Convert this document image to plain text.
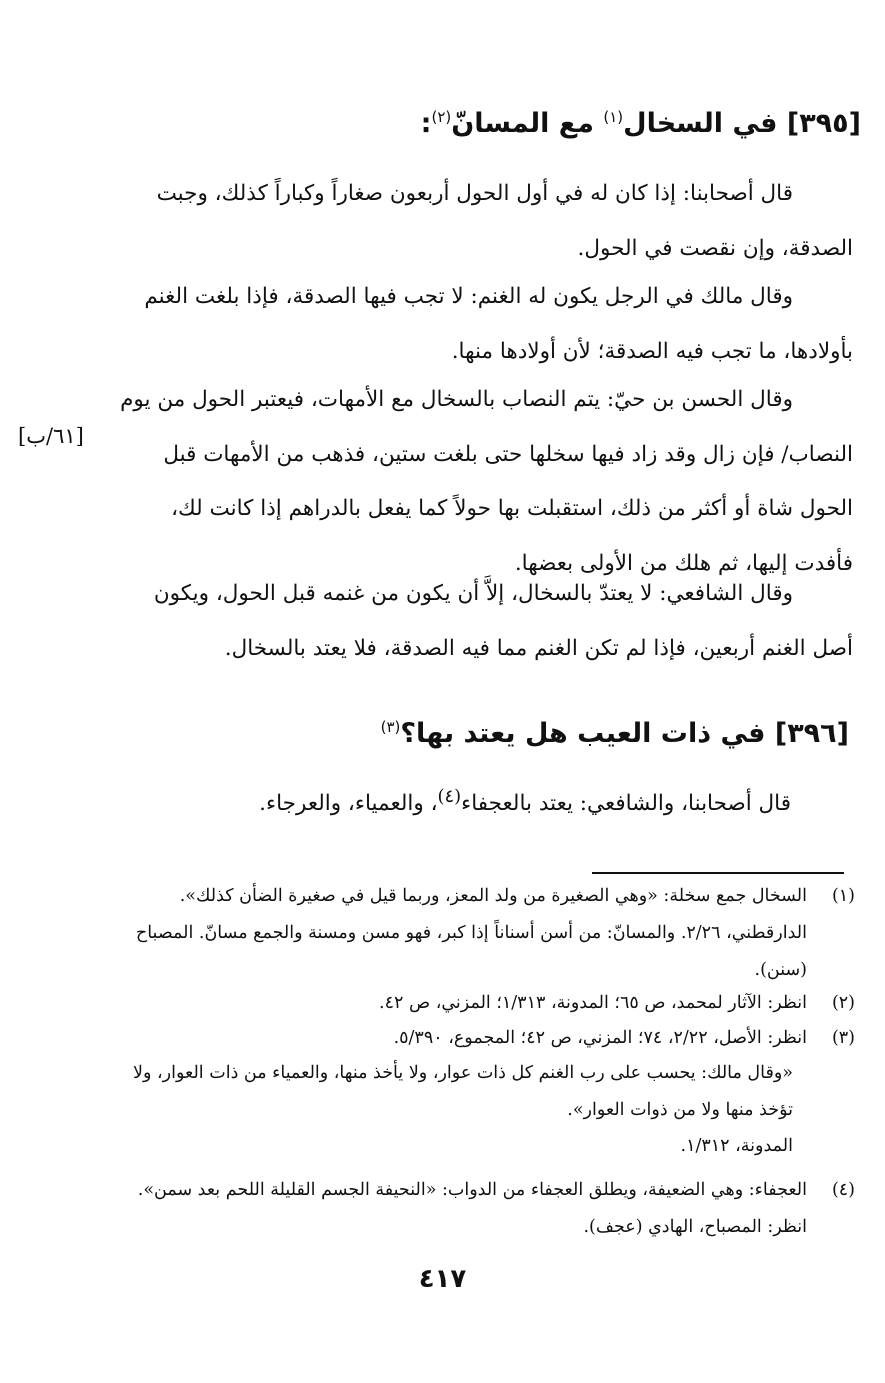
[٣٩٥] في السخال$^{(١)}$ مع المسانّ$^{(٢)}$:
قال أصحابنا: إذا كان له في أول الحول أربعون صغاراً وكباراً كذلك، وجبت الصدقة، وإن نقصت في الحول.
وقال مالك في الرجل يكون له الغنم: لا تجب فيها الصدقة، فإذا بلغت الغنم بأولادها، ما تجب فيه الصدقة؛ لأن أولادها منها.
وقال الحسن بن حيّ: يتم النصاب بالسخال مع الأمهات، فيعتبر الحول من يوم النصاب/ فإن زال وقد زاد فيها سخلها حتى بلغت ستين، فذهب من الأمهات قبل الحول شاة أو أكثر من ذلك، استقبلت بها حولاً كما يفعل بالدراهم إذا كانت لك، فأفدت إليها، ثم هلك من الأولى بعضها.
[٦١/ب]
وقال الشافعي: لا يعتدّ بالسخال، إلاَّ أن يكون من غنمه قبل الحول، ويكون أصل الغنم أربعين، فإذا لم تكن الغنم مما فيه الصدقة، فلا يعتد بالسخال.
[٣٩٦] في ذات العيب هل يعتد بها؟$^{(٣)}$
قال أصحابنا، والشافعي: يعتد بالعجفاء$^{(٤)}$، والعمياء، والعرجاء.
(١)
السخال جمع سخلة: «وهي الصغيرة من ولد المعز، وربما قيل في صغيرة الضأن كذلك». الدارقطني، ٢/٢٦. والمسانّ: من أسن أسناناً إذا كبر، فهو مسن ومسنة والجمع مسانّ. المصباح (سنن).
(٢)
انظر: الآثار لمحمد، ص ٦٥؛ المدونة، ١/٣١٣؛ المزني، ص ٤٢.
(٣)
انظر: الأصل، ٢/٢٢، ٧٤؛ المزني، ص ٤٢؛ المجموع، ٥/٣٩٠.
«وقال مالك: يحسب على رب الغنم كل ذات عوار، ولا يأخذ منها، والعمياء من ذات العوار، ولا تؤخذ منها ولا من ذوات العوار».
المدونة، ١/٣١٢.
(٤)
العجفاء: وهي الضعيفة، ويطلق العجفاء من الدواب: «النحيفة الجسم القليلة اللحم بعد سمن». انظر: المصباح، الهادي (عجف).
٤١٧
